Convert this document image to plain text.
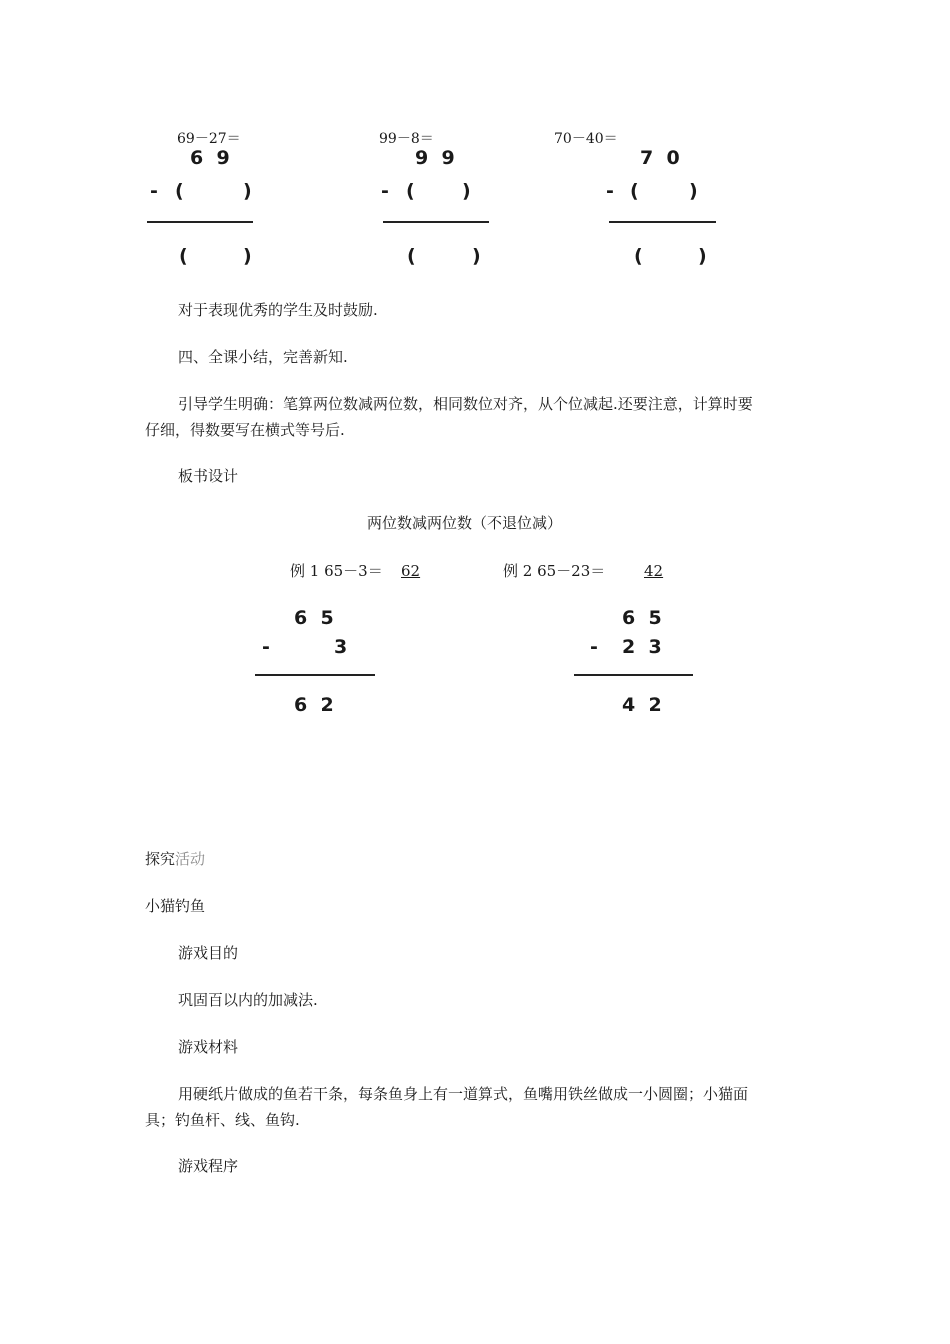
69－27＝
6  9
- (	)
(	)
99－8＝
9  9
- ( )
(	)
70－40＝
7  0
- (	)
(	)
对于表现优秀的学生及时鼓励.
四、全课小结，完善新知.
引导学生明确：笔算两位数减两位数，相同数位对齐，从个位减起.还要注意，计算时要
仔细，得数要写在横式等号后.
板书设计
两位数减两位数（不退位减）
例 1 65－3＝ 62
6  5
-	3
6  2
例 2 65－23＝	42
6  5
- 2  3
4  2
探究活动
小猫钓鱼
游戏目的
巩固百以内的加减法.
游戏材料
用硬纸片做成的鱼若干条，每条鱼身上有一道算式，鱼嘴用铁丝做成一小圆圈；小猫面
具；钓鱼杆、线、鱼钩.
游戏程序
